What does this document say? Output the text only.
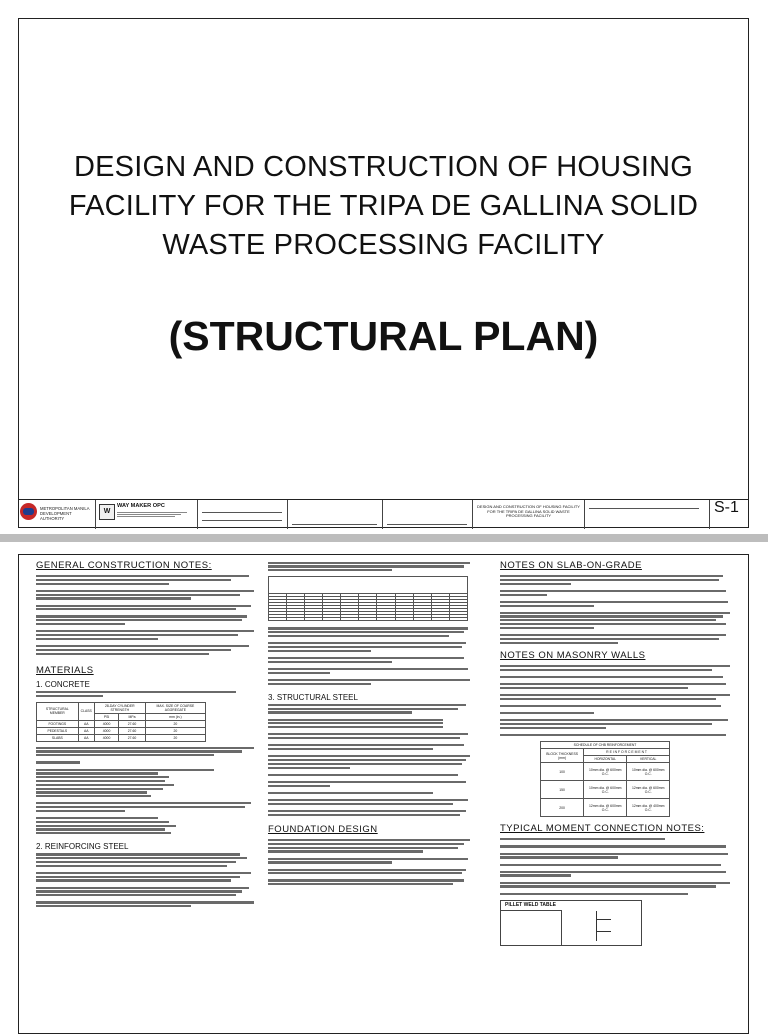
DESIGN AND CONSTRUCTION OF HOUSING
FACILITY FOR THE TRIPA DE GALLINA SOLID
WASTE PROCESSING FACILITY
(STRUCTURAL PLAN)
METROPOLITAN MANILA
DEVELOPMENT AUTHORITY
W
WAY MAKER OPC	DESIGN AND CONSTRUCTION OF HOUSING FACILITY
FOR THE TRIPA DE GALLINA SOLID WASTE
PROCESSING FACILITY	S-1
GENERAL CONSTRUCTION NOTES:
MATERIALS
1. CONCRETE
STRUCTURAL MEMBER	CLASS	28-DAY CYLINDER STRENGTH		MAX. SIZE OF COARSE AGGREGATE
		PSI	MPa	mm (in.)
FOOTINGS	AA	4000	27.60	20
PEDESTALS	AA	4000	27.60	20
SLABS	AA	4000	27.60	20
2. REINFORCING STEEL

3. STRUCTURAL STEEL
FOUNDATION DESIGN
NOTES ON SLAB-ON-GRADE
NOTES ON MASONRY WALLS
SCHEDULE OF CHB REINFORCEMENT		
BLOCK THICKNESS (mm)	R E I N F O R C E M E N T	
	HORIZONTAL	VERTICAL
100	10mm dia. @ 600mm O.C.	10mm dia. @ 600mm O.C.
150	10mm dia. @ 600mm O.C.	12mm dia. @ 600mm O.C.
200	12mm dia. @ 600mm O.C.	12mm dia. @ 400mm O.C.
TYPICAL MOMENT CONNECTION NOTES:
PILLET WELD TABLE
